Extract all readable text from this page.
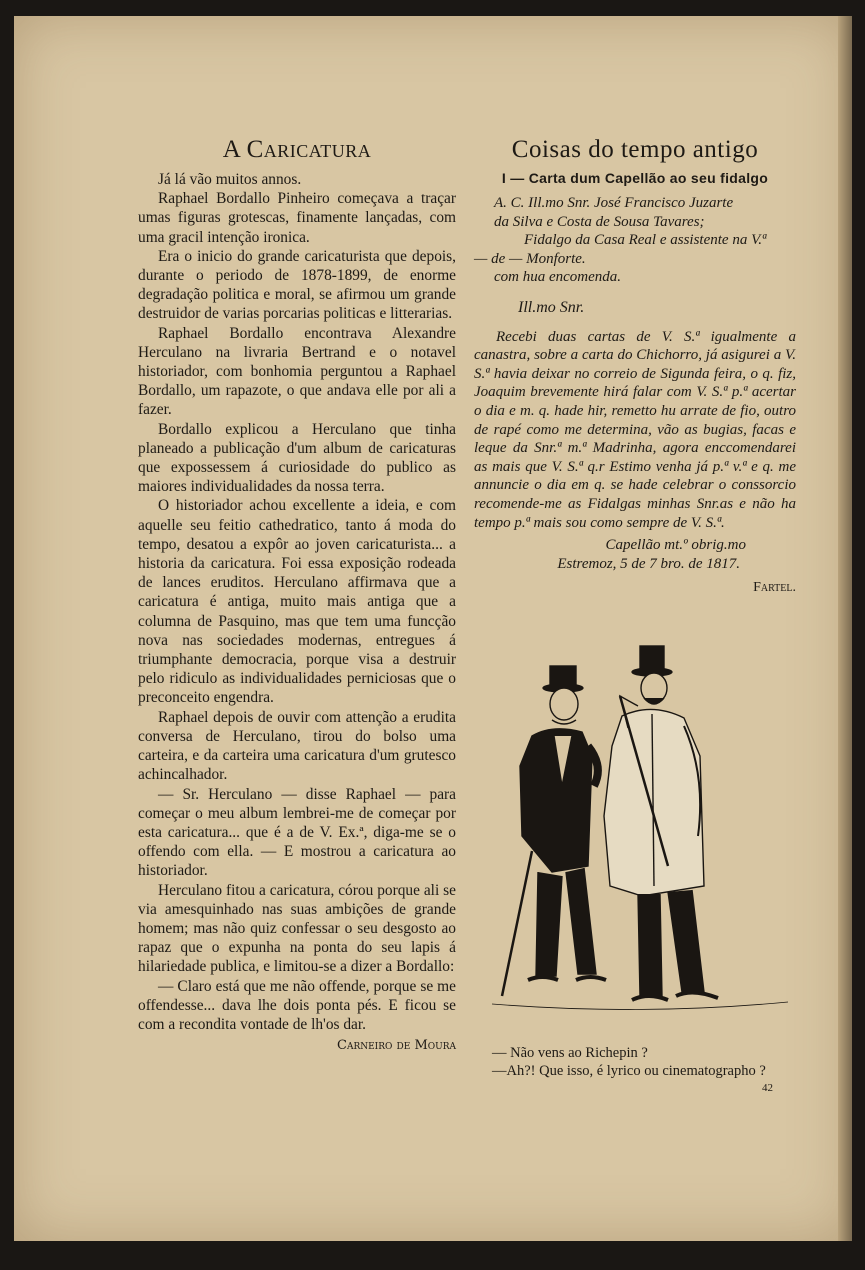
A Caricatura

Já lá vão muitos annos.

Raphael Bordallo Pinheiro começava a traçar umas figuras grotescas, finamente lançadas, com uma gracil intenção ironica.

Era o inicio do grande caricaturista que depois, durante o periodo de 1878-1899, de enorme degradação politica e moral, se afirmou um grande destruidor de varias porcarias politicas e litterarias.

Raphael Bordallo encontrava Alexandre Herculano na livraria Bertrand e o notavel historiador, com bonhomia perguntou a Raphael Bordallo, um rapazote, o que andava elle por ali a fazer.

Bordallo explicou a Herculano que tinha planeado a publicação d'um album de caricaturas que expossessem á curiosidade do publico as maiores individualidades da nossa terra.

O historiador achou excellente a ideia, e com aquelle seu feitio cathedratico, tanto á moda do tempo, desatou a expôr ao joven caricaturista... a historia da caricatura. Foi essa exposição rodeada de lances eruditos. Herculano affirmava que a caricatura é antiga, muito mais antiga que a columna de Pasquino, mas que tem uma funcção nova nas sociedades modernas, entregues á triumphante democracia, porque visa a destruir pelo ridiculo as individualidades perniciosas que o preconceito engendra.

Raphael depois de ouvir com attenção a erudita conversa de Herculano, tirou do bolso uma carteira, e da carteira uma caricatura d'um grutesco achincalhador.

— Sr. Herculano — disse Raphael — para começar o meu album lembrei-me de começar por esta caricatura... que é a de V. Ex.ª, diga-me se o offendo com ella. — E mostrou a caricatura ao historiador.

Herculano fitou a caricatura, córou porque ali se via amesquinhado nas suas ambições de grande homem; mas não quiz confessar o seu desgosto ao rapaz que o expunha na ponta do seu lapis á hilariedade publica, e limitou-se a dizer a Bordallo:

— Claro está que me não offende, porque se me offendesse... dava lhe dois ponta pés. E ficou se com a recondita vontade de lh'os dar.

Carneiro de Moura
Coisas do tempo antigo
I — Carta dum Capellão ao seu fidalgo
A. C. Ill.mo Snr. José Francisco Juzarte
da Silva e Costa de Sousa Tavares;
Fidalgo da Casa Real e assistente na V.ª
— de — Monforte.
com hua encomenda.
Ill.mo Snr.

Recebi duas cartas de V. S.ª igualmente a canastra, sobre a carta do Chichorro, já asigurei a V. S.ª havia deixar no correio de Sigunda feira, o q. fiz, Joaquim brevemente hirá falar com V. S.ª p.ª acertar o dia e m. q. hade hir, remetto hu arrate de fio, outro de rapé como me determina, vão as bugias, facas e leque da Snr.ª m.ª Madrinha, agora enccomendarei as mais que V. S.ª q.r Estimo venha já p.ª v.ª e q. me annuncie o dia em q. se hade celebrar o conssorcio recomende-me as Fidalgas minhas Snr.as e não ha tempo p.ª mais sou como sempre de V. S.ª.

Capellão mt.º obrig.mo
Estremoz, 5 de 7 bro. de 1817.
Fartel.
— Não vens ao Richepin ?
—Ah?! Que isso, é lyrico ou cinematographo ?
42
